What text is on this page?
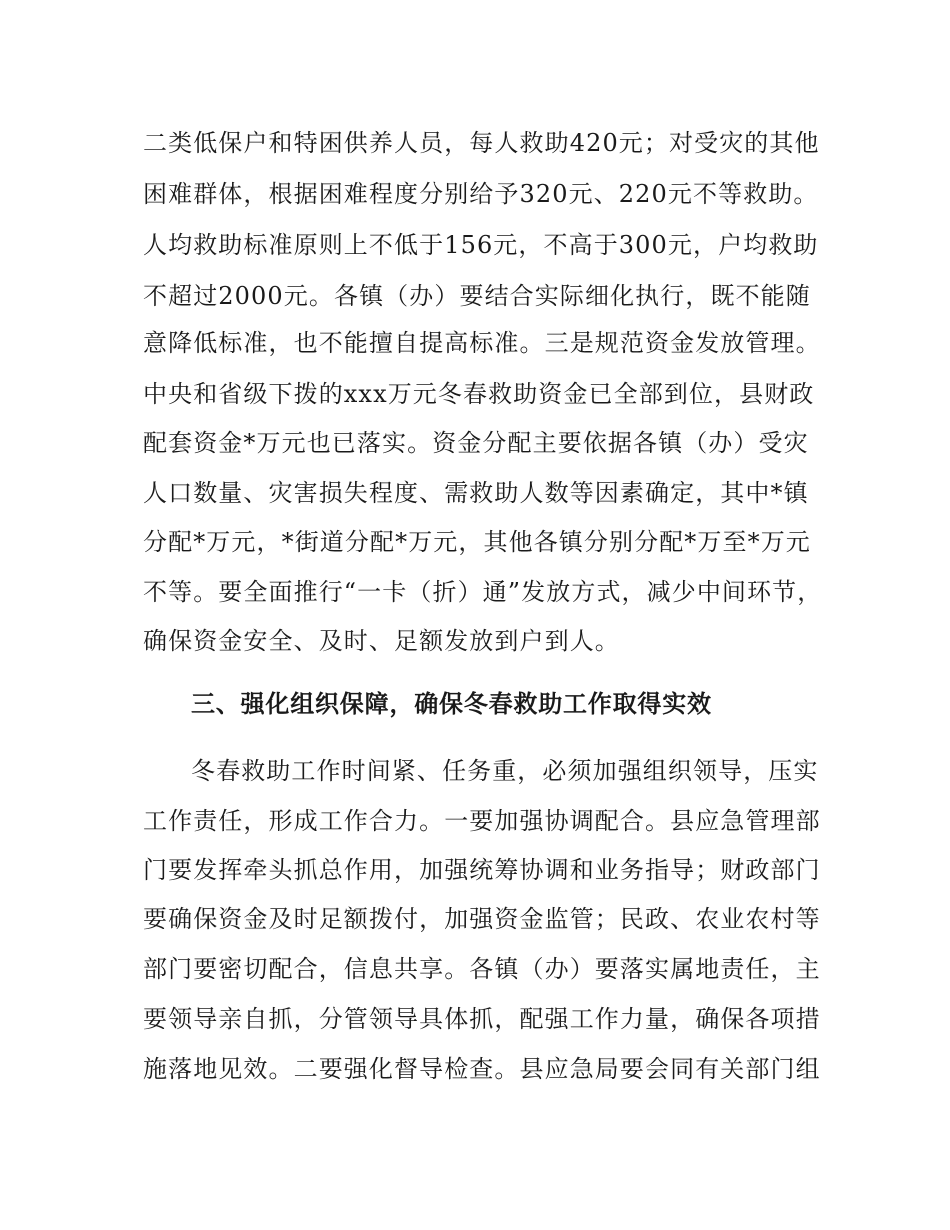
二类低保户和特困供养人员，每人救助420元；对受灾的其他
困难群体，根据困难程度分别给予320元、220元不等救助。
人均救助标准原则上不低于156元，不高于300元，户均救助
不超过2000元。各镇（办）要结合实际细化执行，既不能随
意降低标准，也不能擅自提高标准。三是规范资金发放管理。
中央和省级下拨的xxx万元冬春救助资金已全部到位，县财政
配套资金*万元也已落实。资金分配主要依据各镇（办）受灾
人口数量、灾害损失程度、需救助人数等因素确定，其中*镇
分配*万元，*街道分配*万元，其他各镇分别分配*万至*万元
不等。要全面推行“一卡（折）通”发放方式，减少中间环节，
确保资金安全、及时、足额发放到户到人。
三、强化组织保障，确保冬春救助工作取得实效
冬春救助工作时间紧、任务重，必须加强组织领导，压实
工作责任，形成工作合力。一要加强协调配合。县应急管理部
门要发挥牵头抓总作用，加强统筹协调和业务指导；财政部门
要确保资金及时足额拨付，加强资金监管；民政、农业农村等
部门要密切配合，信息共享。各镇（办）要落实属地责任，主
要领导亲自抓，分管领导具体抓，配强工作力量，确保各项措
施落地见效。二要强化督导检查。县应急局要会同有关部门组
